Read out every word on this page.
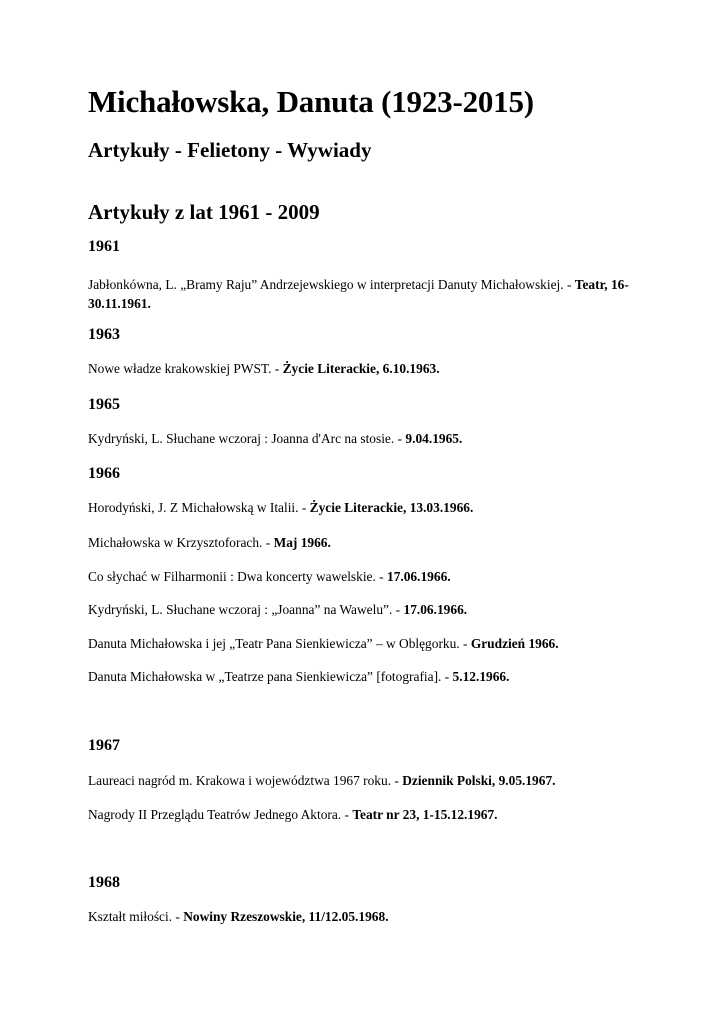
Michałowska, Danuta (1923-2015)
Artykuły - Felietony - Wywiady
Artykuły z lat 1961 - 2009
1961
Jabłonkówna, L. „Bramy Raju” Andrzejewskiego w interpretacji Danuty Michałowskiej. - Teatr, 16-30.11.1961.
1963
Nowe władze krakowskiej PWST. - Życie Literackie, 6.10.1963.
1965
Kydryński, L. Słuchane wczoraj : Joanna d'Arc na stosie. - 9.04.1965.
1966
Horodyński, J. Z Michałowską w Italii. - Życie Literackie, 13.03.1966.
Michałowska w Krzysztoforach. - Maj 1966.
Co słychać w Filharmonii : Dwa koncerty wawelskie. - 17.06.1966.
Kydryński, L. Słuchane wczoraj : „Joanna” na Wawelu”. - 17.06.1966.
Danuta Michałowska i jej „Teatr Pana Sienkiewicza” – w Oblęgorku. - Grudzień 1966.
Danuta Michałowska w „Teatrze pana Sienkiewicza” [fotografia]. - 5.12.1966.
1967
Laureaci nagród m. Krakowa i województwa 1967 roku. - Dziennik Polski, 9.05.1967.
Nagrody II Przeglądu Teatrów Jednego Aktora. - Teatr nr 23, 1-15.12.1967.
1968
Kształt miłości. - Nowiny Rzeszowskie, 11/12.05.1968.
